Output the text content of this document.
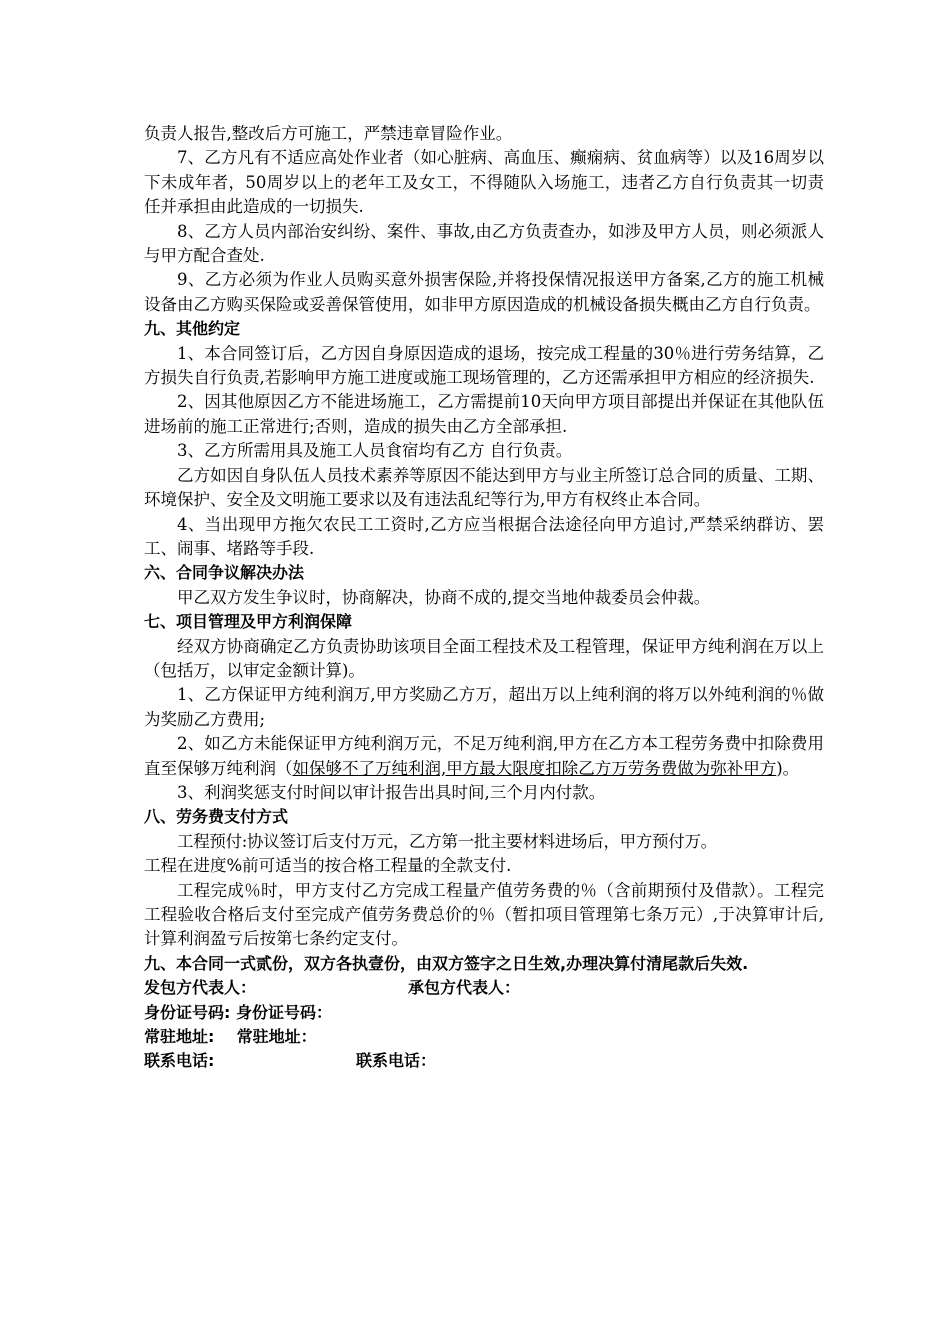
负责人报告,整改后方可施工，严禁违章冒险作业。

7、乙方凡有不适应高处作业者（如心脏病、高血压、癫痫病、贫血病等）以及16周岁以下未成年者，50周岁以上的老年工及女工，不得随队入场施工，违者乙方自行负责其一切责任并承担由此造成的一切损失.

8、乙方人员内部治安纠纷、案件、事故,由乙方负责查办，如涉及甲方人员，则必须派人与甲方配合查处.

9、乙方必须为作业人员购买意外损害保险,并将投保情况报送甲方备案,乙方的施工机械设备由乙方购买保险或妥善保管使用，如非甲方原因造成的机械设备损失概由乙方自行负责。

九、其他约定

1、本合同签订后，乙方因自身原因造成的退场，按完成工程量的30％进行劳务结算，乙方损失自行负责,若影响甲方施工进度或施工现场管理的，乙方还需承担甲方相应的经济损失.

2、因其他原因乙方不能进场施工，乙方需提前10天向甲方项目部提出并保证在其他队伍进场前的施工正常进行;否则，造成的损失由乙方全部承担.

3、乙方所需用具及施工人员食宿均有乙方 自行负责。

乙方如因自身队伍人员技术素养等原因不能达到甲方与业主所签订总合同的质量、工期、环境保护、安全及文明施工要求以及有违法乱纪等行为,甲方有权终止本合同。

4、当出现甲方拖欠农民工工资时,乙方应当根据合法途径向甲方追讨,严禁采纳群访、罢工、闹事、堵路等手段.

六、合同争议解决办法

甲乙双方发生争议时，协商解决，协商不成的,提交当地仲裁委员会仲裁。

七、项目管理及甲方利润保障

经双方协商确定乙方负责协助该项目全面工程技术及工程管理，保证甲方纯利润在万以上（包括万，以审定金额计算)。

1、乙方保证甲方纯利润万,甲方奖励乙方万，超出万以上纯利润的将万以外纯利润的％做为奖励乙方费用;

2、如乙方未能保证甲方纯利润万元，不足万纯利润,甲方在乙方本工程劳务费中扣除费用直至保够万纯利润（如保够不了万纯利润,甲方最大限度扣除乙方万劳务费做为弥补甲方)。

3、利润奖惩支付时间以审计报告出具时间,三个月内付款。

八、劳务费支付方式

工程预付:协议签订后支付万元，乙方第一批主要材料进场后，甲方预付万。

工程在进度%前可适当的按合格工程量的全款支付.

工程完成％时，甲方支付乙方完成工程量产值劳务费的％（含前期预付及借款）。工程完工程验收合格后支付至完成产值劳务费总价的％（暂扣项目管理第七条万元）,于决算审计后,计算利润盈亏后按第七条约定支付。

九、本合同一式贰份，双方各执壹份，由双方签字之日生效,办理决算付清尾款后失效.

发包方代表人：	承包方代表人：

身份证号码: 身份证号码：

常驻地址:    常驻地址：

联系电话:	联系电话：
